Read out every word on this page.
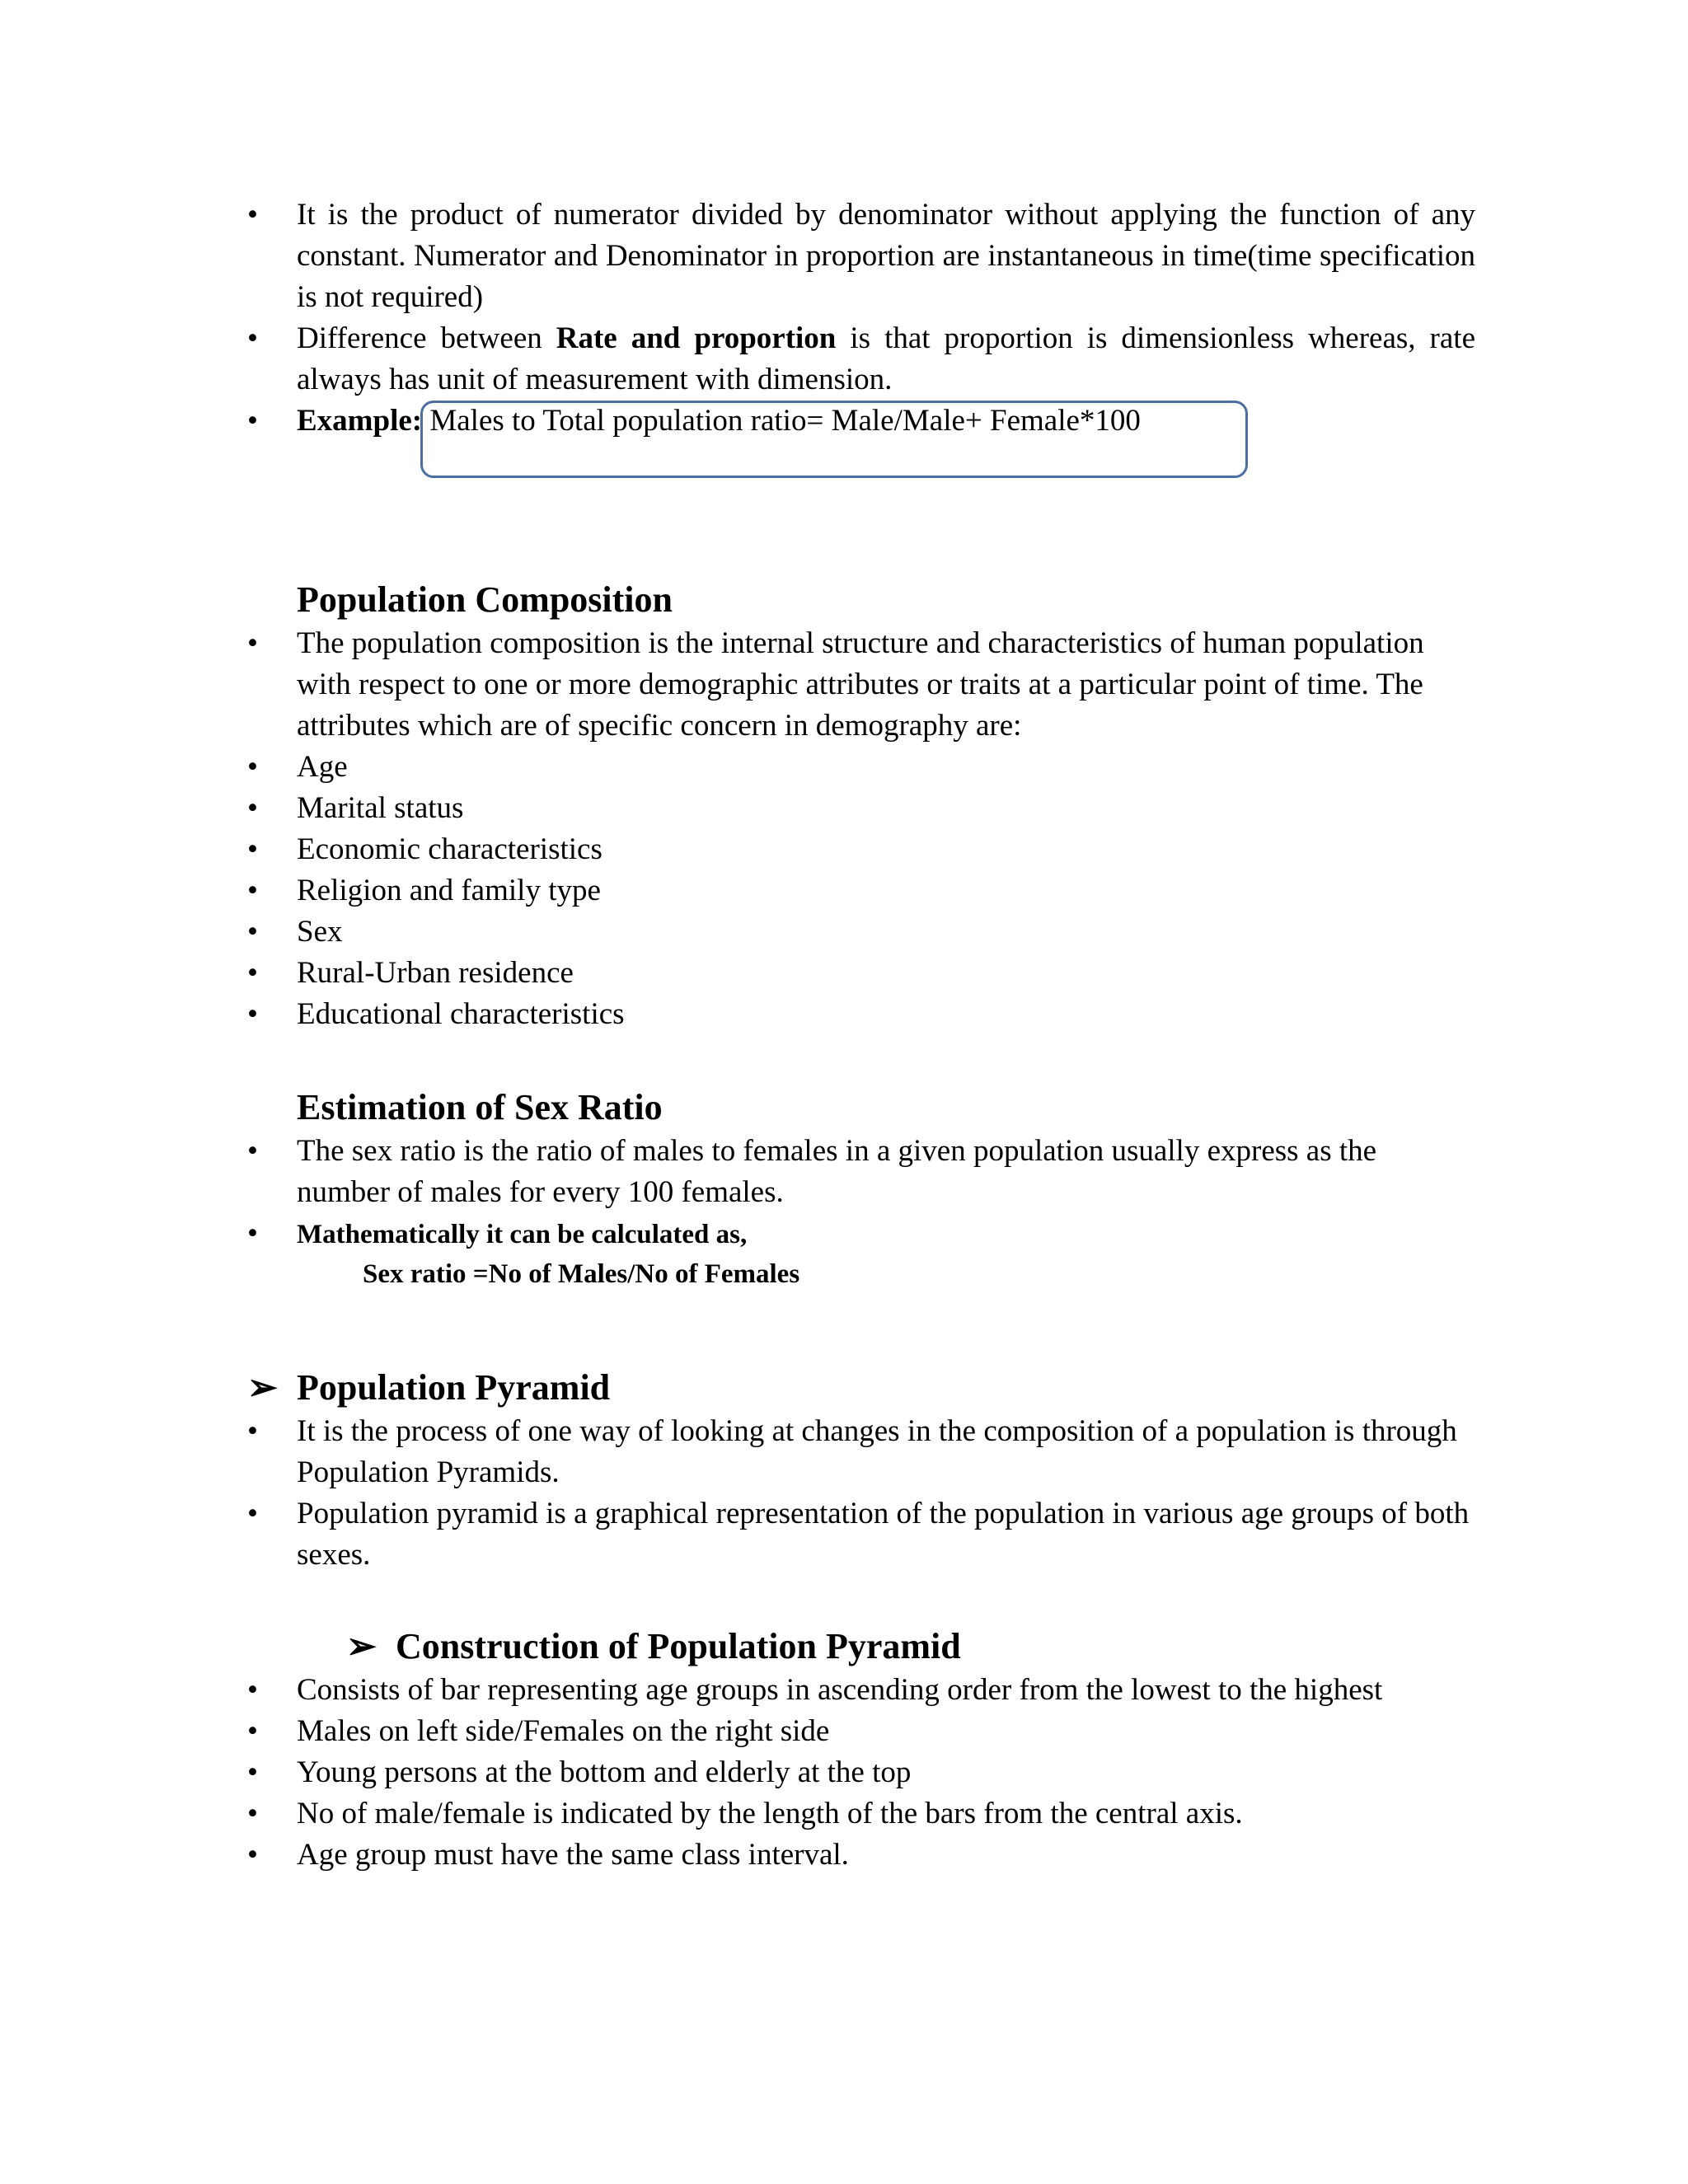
• It is the product of numerator divided by denominator without applying the function of any constant. Numerator and Denominator in proportion are instantaneous in time(time specification is not required)
• Difference between Rate and proportion is that proportion is dimensionless whereas, rate always has unit of measurement with dimension.
• Example: Males to Total population ratio= Male/Male+ Female*100
Population Composition
• The population composition is the internal structure and characteristics of human population with respect to one or more demographic attributes or traits at a particular point of time. The attributes which are of specific concern in demography are:
• Age
• Marital status
• Economic characteristics
• Religion and family type
• Sex
• Rural-Urban residence
• Educational characteristics
Estimation of Sex Ratio
• The sex ratio is the ratio of males to females in a given population usually express as the number of males for every 100 females.
• Mathematically it can be calculated as,
Sex ratio =No of Males/No of Females
➢ Population Pyramid
• It is the process of one way of looking at changes in the composition of a population is through Population Pyramids.
• Population pyramid is a graphical representation of the population in various age groups of both sexes.
➢ Construction of Population Pyramid
• Consists of bar representing age groups in ascending order from the lowest to the highest
• Males on left side/Females on the right side
• Young persons at the bottom and elderly at the top
• No of male/female is indicated by the length of the bars from the central axis.
• Age group must have the same class interval.
